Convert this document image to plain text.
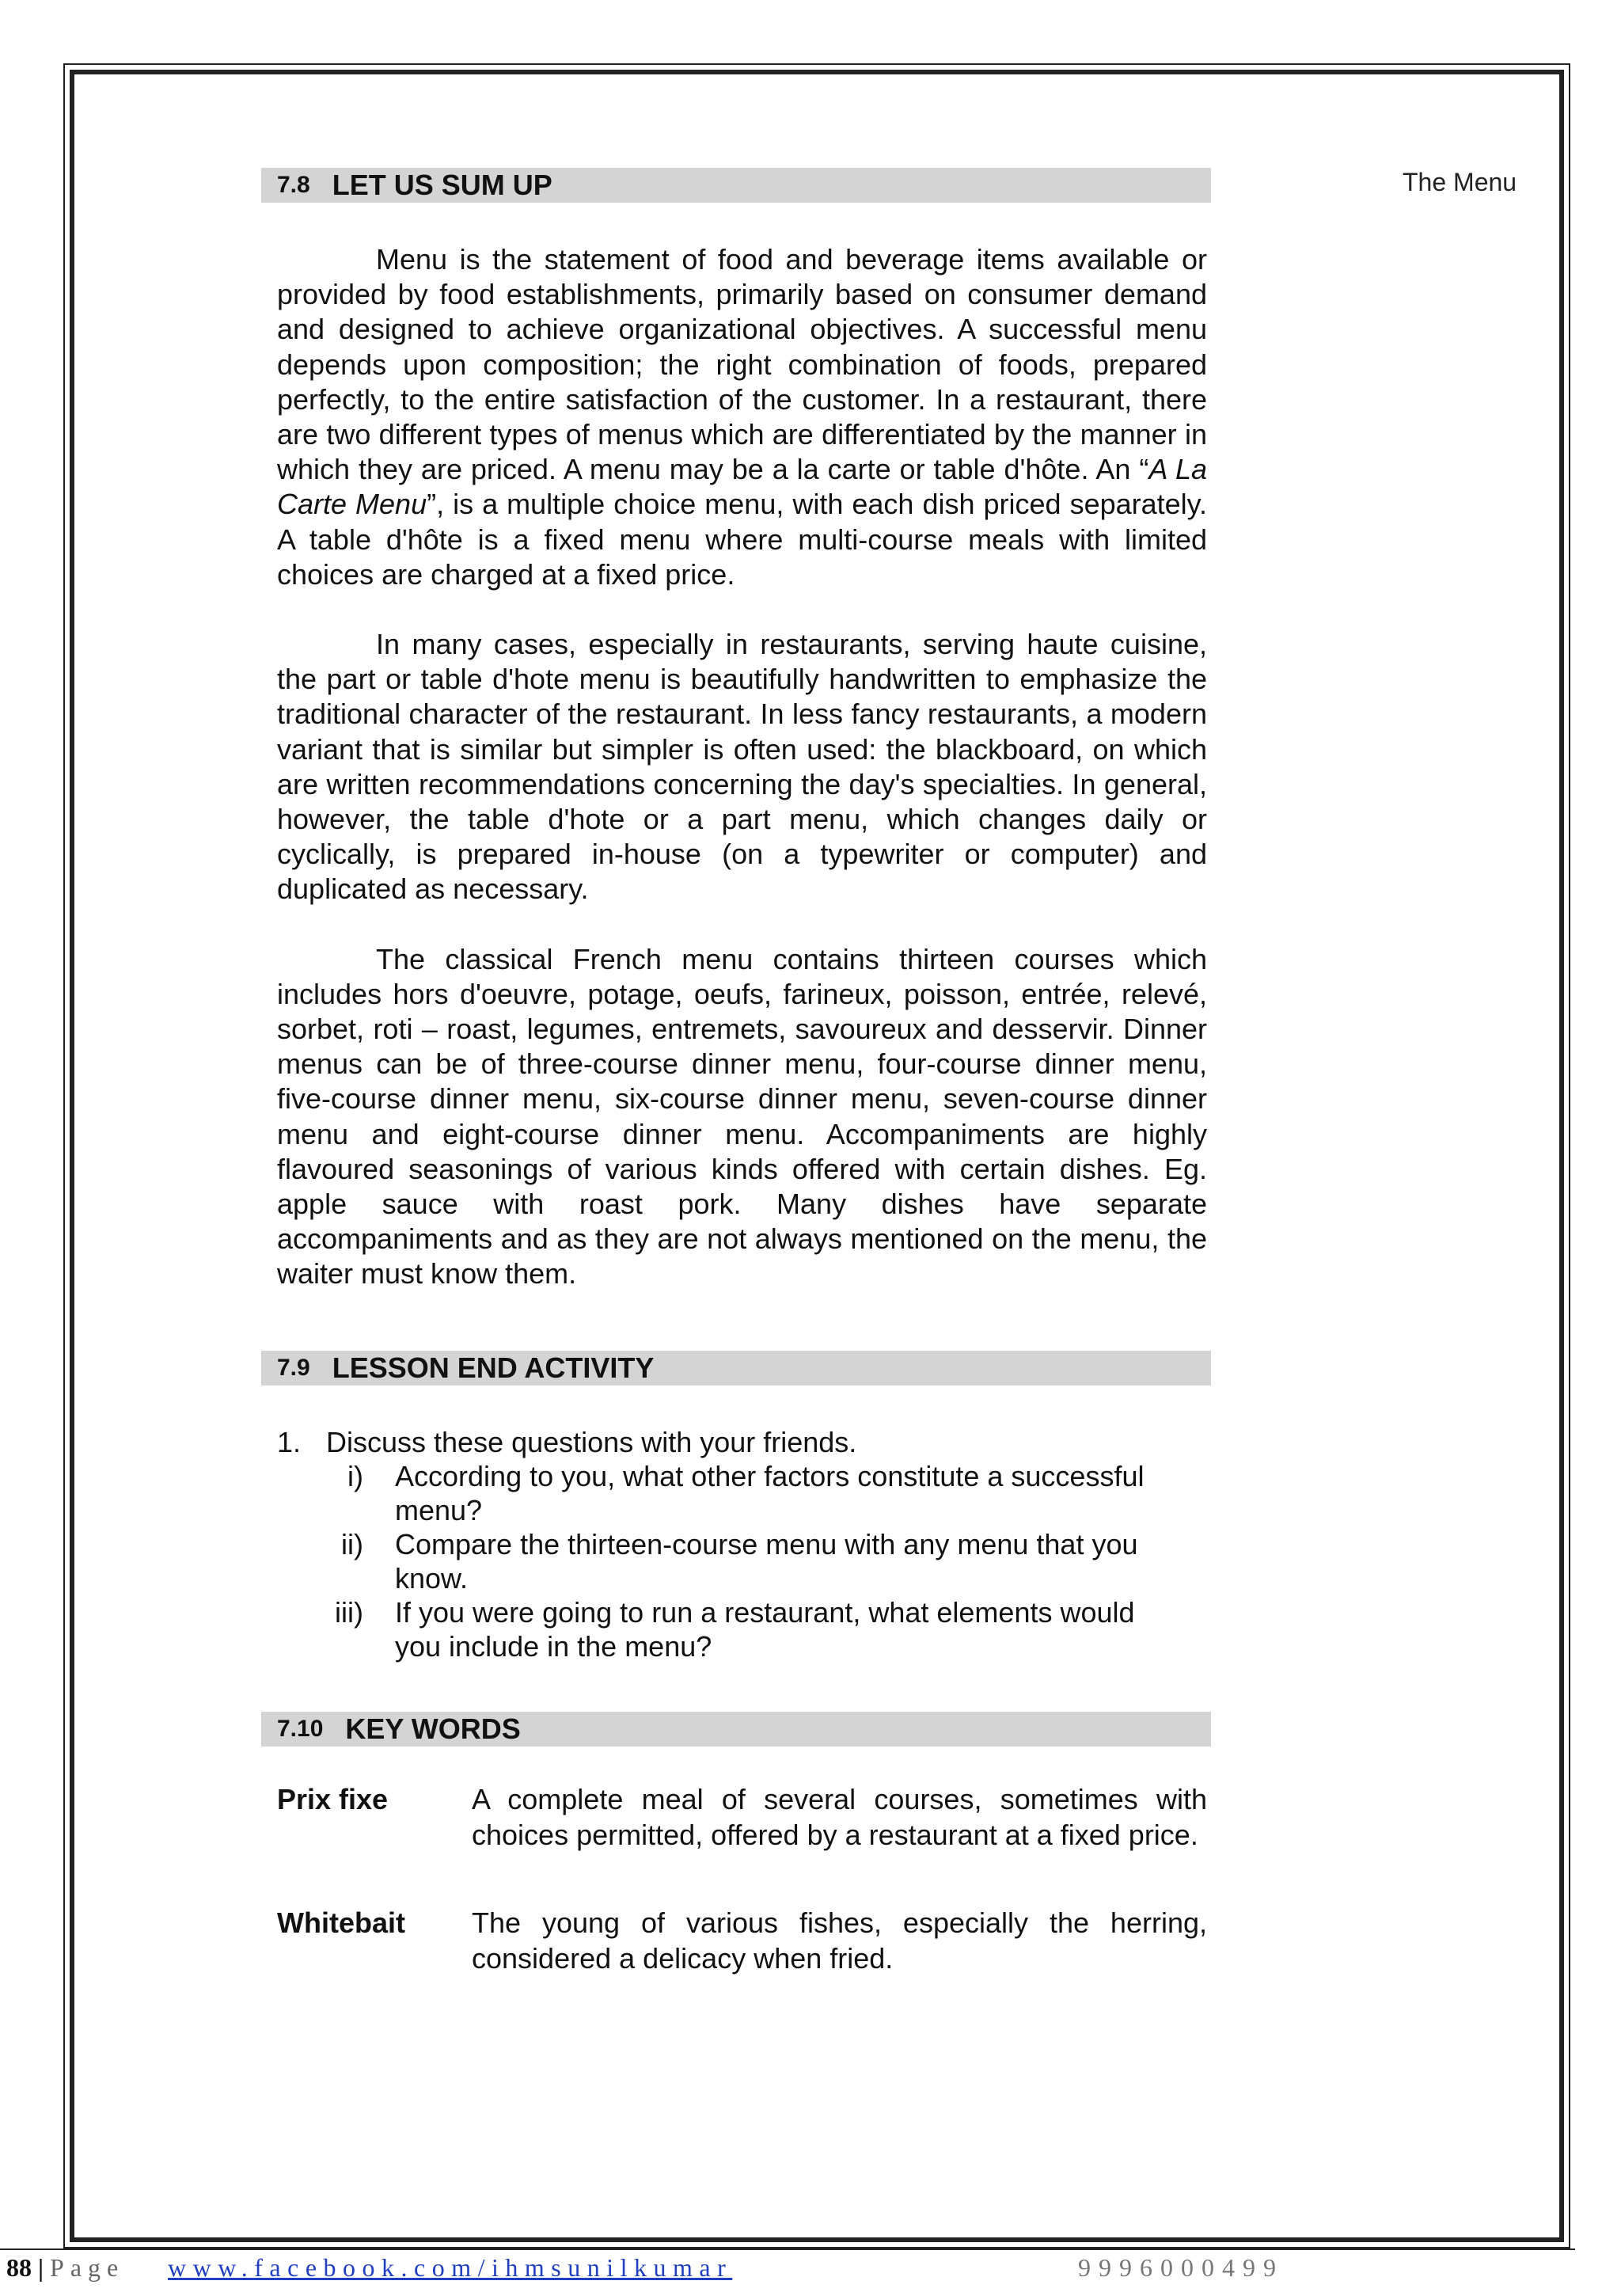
The Menu
7.8 LET US SUM UP

Menu is the statement of food and beverage items available or provided by food establishments, primarily based on consumer demand and designed to achieve organizational objectives. A successful menu depends upon composition; the right combination of foods, prepared perfectly, to the entire satisfaction of the customer. In a restaurant, there are two different types of menus which are differentiated by the manner in which they are priced. A menu may be a la carte or table d'hôte. An “A La Carte Menu”, is a multiple choice menu, with each dish priced separately. A table d'hôte is a fixed menu where multi-course meals with limited choices are charged at a fixed price.

In many cases, especially in restaurants, serving haute cuisine, the part or table d'hote menu is beautifully handwritten to emphasize the traditional character of the restaurant. In less fancy restaurants, a modern variant that is similar but simpler is often used: the blackboard, on which are written recommendations concerning the day's specialties. In general, however, the table d'hote or a part menu, which changes daily or cyclically, is prepared in-house (on a typewriter or computer) and duplicated as necessary.

The classical French menu contains thirteen courses which includes hors d'oeuvre, potage, oeufs, farineux, poisson, entrée, relevé, sorbet, roti – roast, legumes, entremets, savoureux and desservir. Dinner menus can be of three-course dinner menu, four-course dinner menu, five-course dinner menu, six-course dinner menu, seven-course dinner menu and eight-course dinner menu. Accompaniments are highly flavoured seasonings of various kinds offered with certain dishes. Eg. apple sauce with roast pork. Many dishes have separate accompaniments and as they are not always mentioned on the menu, the waiter must know them.

7.9 LESSON END ACTIVITY
1. Discuss these questions with your friends.
i)	According to you, what other factors constitute a successful menu?
ii)	Compare the thirteen-course menu with any menu that you know.
iii)	If you were going to run a restaurant, what elements would you include in the menu?
7.10 KEY WORDS
Prix fixe	A complete meal of several courses, sometimes with choices permitted, offered by a restaurant at a fixed price.
Whitebait	The young of various fishes, especially the herring, considered a delicacy when fried.
88 | Page www.facebook.com/ihmsunilkumar	9996000499
